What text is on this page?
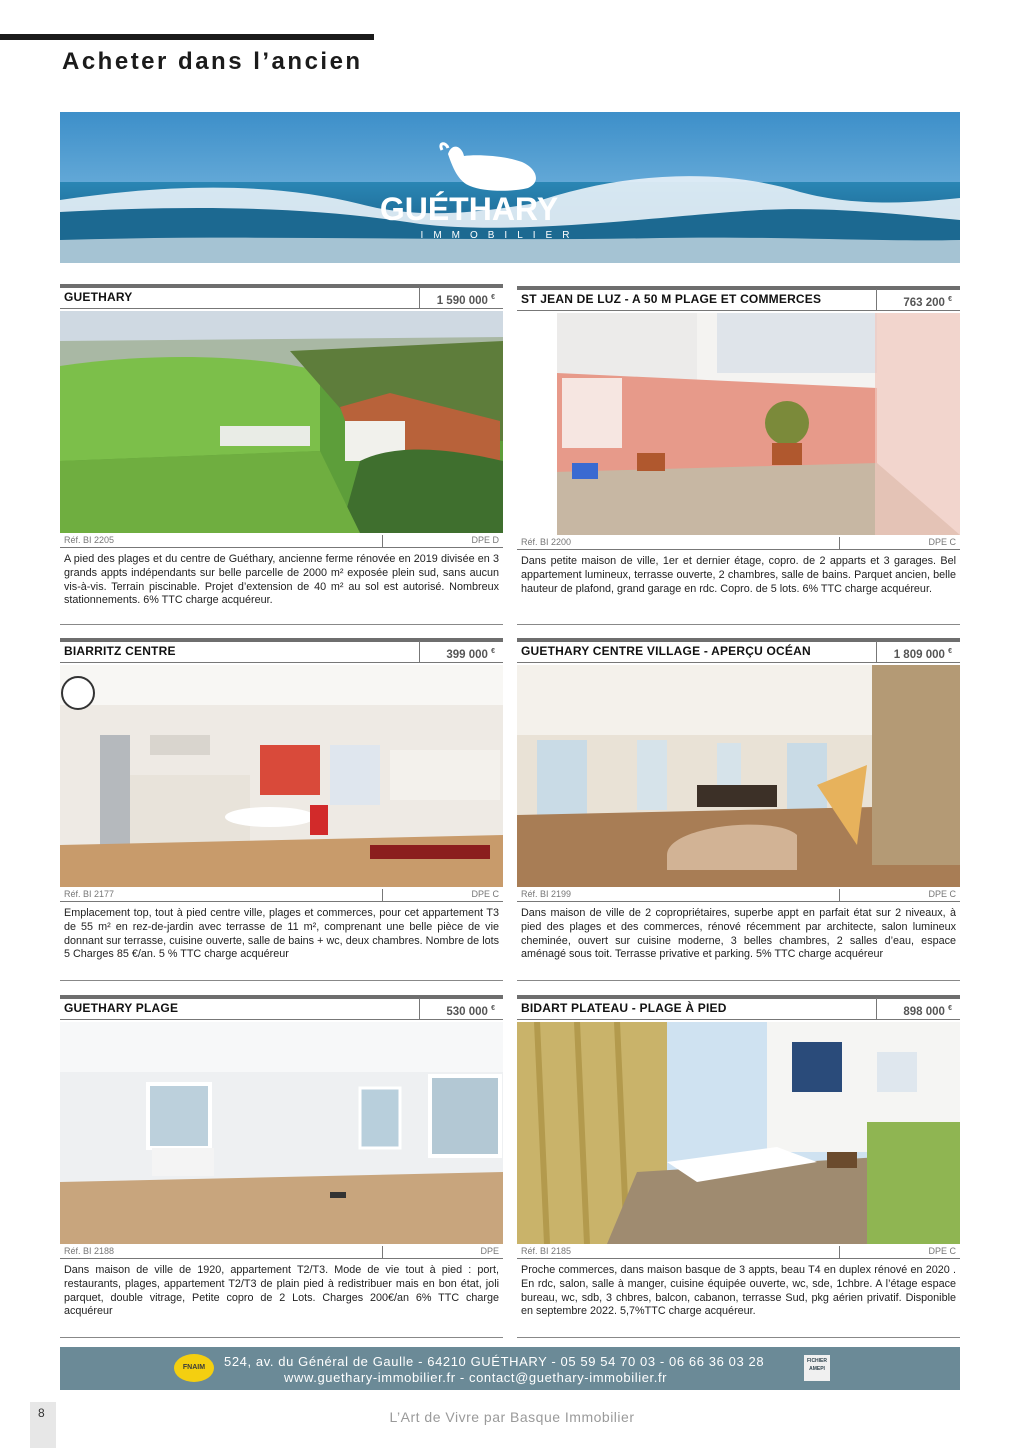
Acheter dans l’ancien
GUÉTHARY
IMMOBILIER
GUETHARY	1 590 000 €
Réf. BI 2205	DPE D
A pied des plages et du centre de Guéthary, ancienne ferme rénovée en 2019 divisée en 3 grands appts indépendants sur belle parcelle de 2000 m² exposée plein sud, sans aucun vis-à-vis. Terrain piscinable. Projet d’extension de 40 m² au sol est autorisé. Nombreux stationnements. 6% TTC charge acquéreur.
ST JEAN DE LUZ - A 50 M PLAGE ET COMMERCES	763 200 €
Réf. BI 2200	DPE C
Dans petite maison de ville, 1er et dernier étage, copro. de 2 apparts et 3 garages. Bel appartement lumineux, terrasse ouverte, 2 chambres, salle de bains. Parquet ancien, belle hauteur de plafond, grand garage en rdc. Copro. de 5 lots. 6% TTC charge acquéreur.
BIARRITZ CENTRE	399 000 €
Réf. BI 2177	DPE C
Emplacement top, tout à pied centre ville, plages et commerces, pour cet appartement T3 de 55 m² en rez-de-jardin avec terrasse de 11 m², comprenant une belle pièce de vie donnant sur terrasse, cuisine ouverte, salle de bains + wc, deux chambres. Nombre de lots 5 Charges 85 €/an. 5 % TTC charge acquéreur
GUETHARY CENTRE VILLAGE - APERÇU OCÉAN	1 809 000 €
Réf. BI 2199	DPE C
Dans maison de ville de 2 copropriétaires, superbe appt en parfait état sur 2 niveaux, à pied des plages et des commerces, rénové récemment par architecte, salon lumineux cheminée, ouvert sur cuisine moderne, 3 belles chambres, 2 salles d’eau, espace aménagé sous toit. Terrasse privative et parking. 5% TTC charge acquéreur
GUETHARY PLAGE	530 000 €
Réf. BI 2188	DPE
Dans maison de ville de 1920, appartement T2/T3. Mode de vie tout à pied : port, restaurants, plages, appartement T2/T3 de plain pied à redistribuer mais en bon état, joli parquet, double vitrage, Petite copro de 2 Lots. Charges 200€/an 6% TTC charge acquéreur
BIDART PLATEAU - PLAGE À PIED	898 000 €
Réf. BI 2185	DPE C
Proche commerces, dans maison basque de 3 appts, beau T4 en duplex rénové en 2020 . En rdc, salon, salle à manger, cuisine équipée ouverte, wc, sde, 1chbre. A l’étage espace bureau, wc, sdb, 3 chbres, balcon, cabanon, terrasse Sud, pkg aérien privatif. Disponible en septembre 2022. 5,7%TTC charge acquéreur.
FNAIM	524, av. du Général de Gaulle - 64210 GUÉTHARY - 05 59 54 70 03 - 06 66 36 03 28
www.guethary-immobilier.fr - contact@guethary-immobilier.fr
FICHIER AMEPI
8	L’Art de Vivre par Basque Immobilier
